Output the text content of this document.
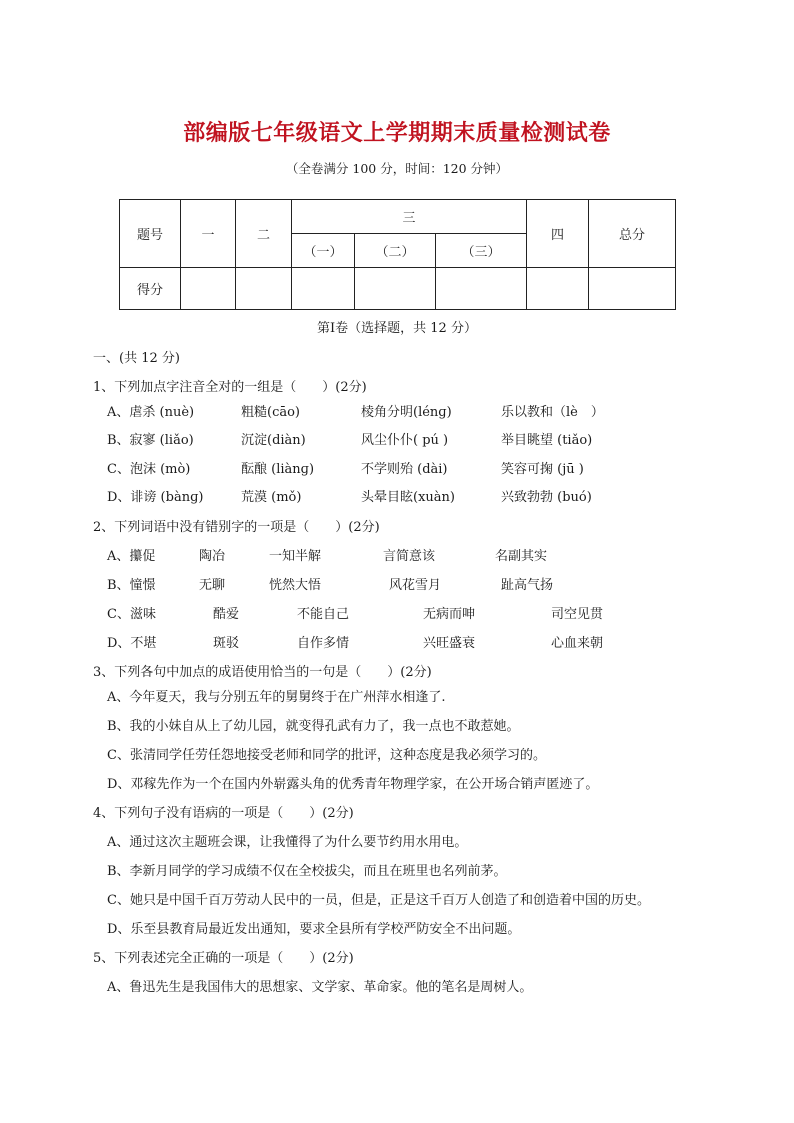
部编版七年级语文上学期期末质量检测试卷
（全卷满分 100 分，时间：120 分钟）
题号	一	二	三			四	总分
			（一）	（二）	（三）		
得分							
第Ⅰ卷（选择题，共 12 分）
一、(共 12 分)
1、下列加点字注音全对的一组是（　　）(2分)
A、虐杀 (nuè)	粗糙(cāo)	棱角分明(lénɡ)	乐以教和（lè　）
B、寂寥 (liǎo)	沉淀(diàn)	风尘仆仆( pú )	举目眺望 (tiǎo)
C、泡沫 (mò)	酝酿 (liànɡ)	不学则殆 (dài)	笑容可掬 (jū )
D、诽谤 (bànɡ)	荒漠 (mǒ)	头晕目眩(xuàn)	兴致勃勃 (buó)
2、下列词语中没有错别字的一项是（　　）(2分)
A、攥促	陶冶	一知半解	言简意该	名副其实
B、憧憬	无聊	恍然大悟	风花雪月	趾高气扬
C、滋味	酷爱	不能自己	无病而呻	司空见贯
D、不堪	斑驳	自作多情	兴旺盛衰	心血来朝
3、下列各句中加点的成语使用恰当的一句是（　　）(2分)
A、今年夏天，我与分别五年的舅舅终于在广州萍水相逢了.
B、我的小妹自从上了幼儿园，就变得孔武有力了，我一点也不敢惹她。
C、张清同学任劳任怨地接受老师和同学的批评，这种态度是我必须学习的。
D、邓稼先作为一个在国内外崭露头角的优秀青年物理学家，在公开场合销声匿迹了。
4、下列句子没有语病的一项是（　　）(2分)
A、通过这次主题班会课，让我懂得了为什么要节约用水用电。
B、李新月同学的学习成绩不仅在全校拔尖，而且在班里也名列前茅。
C、她只是中国千百万劳动人民中的一员，但是，正是这千百万人创造了和创造着中国的历史。
D、乐至县教育局最近发出通知，要求全县所有学校严防安全不出问题。
5、下列表述完全正确的一项是（　　）(2分)
A、鲁迅先生是我国伟大的思想家、文学家、革命家。他的笔名是周树人。
